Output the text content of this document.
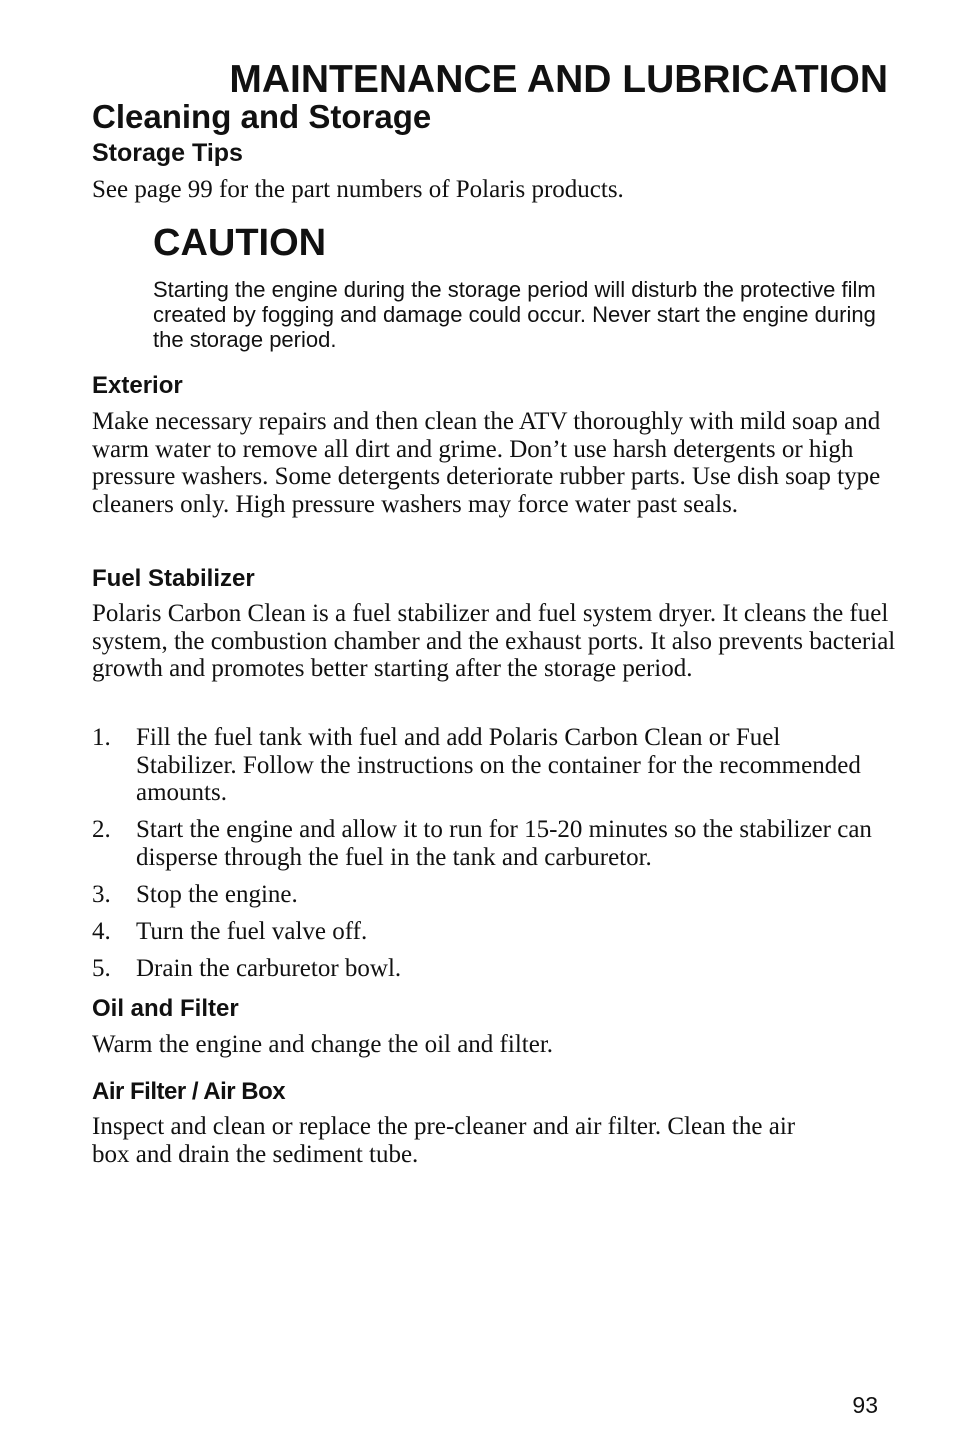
MAINTENANCE AND LUBRICATION
Cleaning and Storage
Storage Tips
See page 99 for the part numbers of Polaris products.
CAUTION
Starting the engine during the storage period will disturb the protective film created by fogging and damage could occur. Never start the engine during the storage period.
Exterior
Make necessary repairs and then clean the ATV thoroughly with mild soap and warm water to remove all dirt and grime. Don’t use harsh detergents or high pressure washers. Some detergents deteriorate rubber parts. Use dish soap type cleaners only. High pressure washers may force water past seals.
Fuel Stabilizer
Polaris Carbon Clean is a fuel stabilizer and fuel system dryer. It cleans the fuel system, the combustion chamber and the exhaust ports. It also prevents bacterial growth and promotes better starting after the storage period.
1.	Fill the fuel tank with fuel and add Polaris Carbon Clean or Fuel Stabilizer. Follow the instructions on the container for the recommended amounts.
2.	Start the engine and allow it to run for 15-20 minutes so the stabilizer can disperse through the fuel in the tank and carburetor.
3.	Stop the engine.
4.	Turn the fuel valve off.
5.	Drain the carburetor bowl.
Oil and Filter
Warm the engine and change the oil and filter.
Air Filter / Air Box
Inspect and clean or replace the pre-cleaner and air filter. Clean the air box and drain the sediment tube.
93
